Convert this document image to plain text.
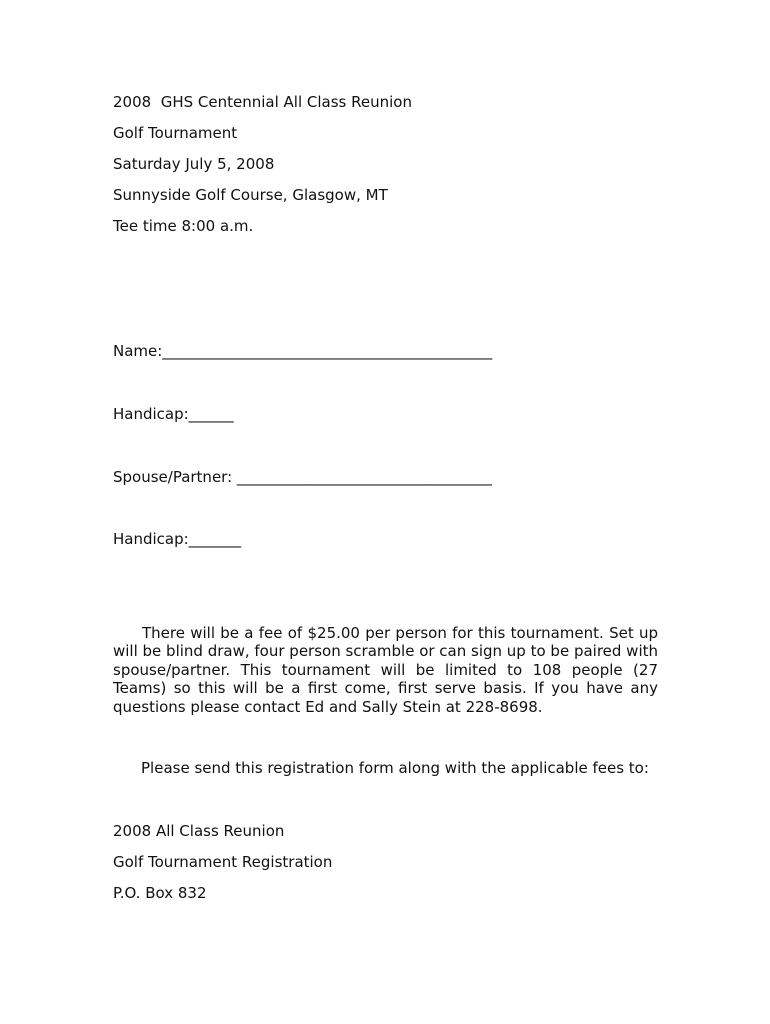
2008  GHS Centennial All Class Reunion
Golf Tournament
Saturday July 5, 2008
Sunnyside Golf Course, Glasgow, MT
Tee time 8:00 a.m.
Name:____________________________________________
Handicap:______
Spouse/Partner: __________________________________
Handicap:_______
There will be a fee of $25.00 per person for this tournament. Set up will be blind draw, four person scramble or can sign up to be paired with spouse/partner. This tournament will be limited to 108 people (27 Teams) so this will be a first come, first serve basis. If you have any questions please contact Ed and Sally Stein at 228-8698.
Please send this registration form along with the applicable fees to:
2008 All Class Reunion
Golf Tournament Registration
P.O. Box 832
